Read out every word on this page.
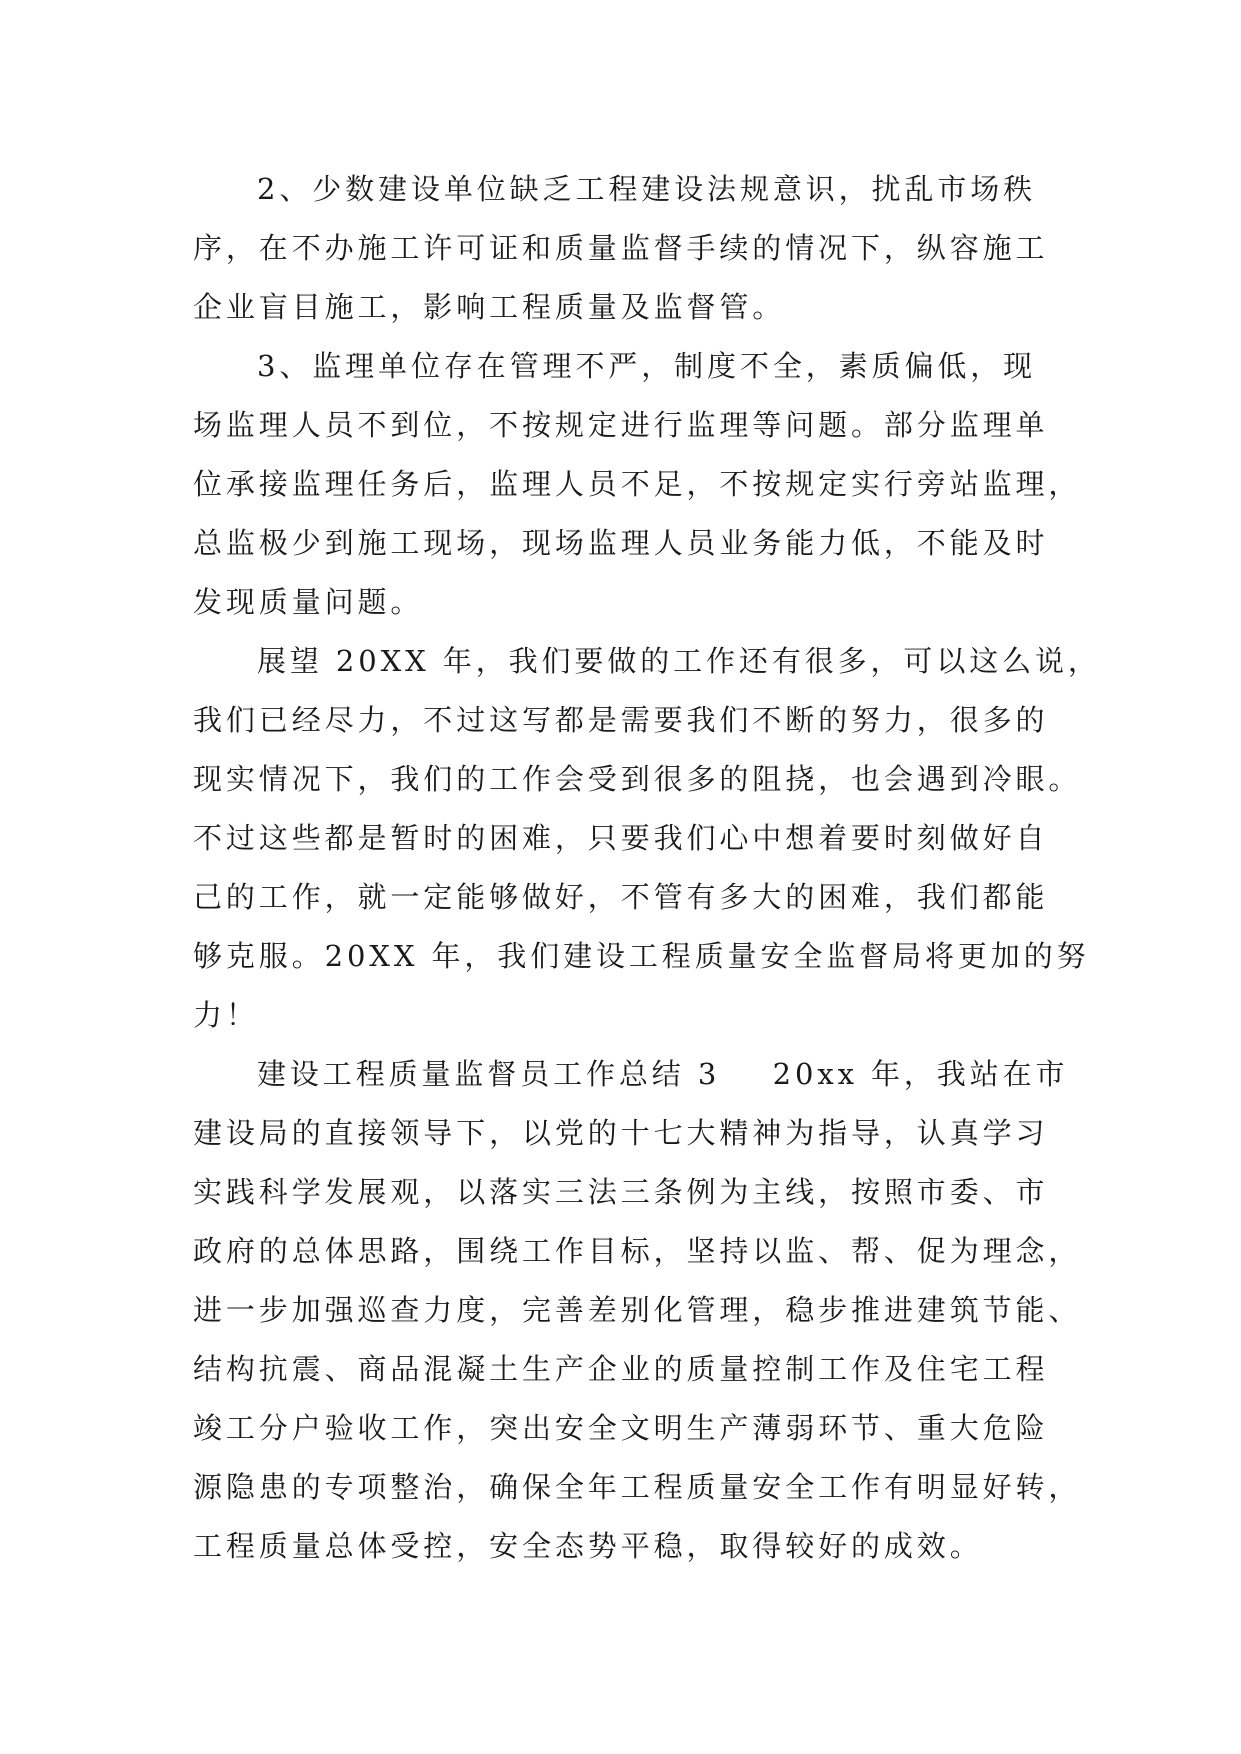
2、少数建设单位缺乏工程建设法规意识，扰乱市场秩
序，在不办施工许可证和质量监督手续的情况下，纵容施工
企业盲目施工，影响工程质量及监督管。
3、监理单位存在管理不严，制度不全，素质偏低，现
场监理人员不到位，不按规定进行监理等问题。部分监理单
位承接监理任务后，监理人员不足，不按规定实行旁站监理，
总监极少到施工现场，现场监理人员业务能力低，不能及时
发现质量问题。
展望 20XX 年，我们要做的工作还有很多，可以这么说，
我们已经尽力，不过这写都是需要我们不断的努力，很多的
现实情况下，我们的工作会受到很多的阻挠，也会遇到冷眼。
不过这些都是暂时的困难，只要我们心中想着要时刻做好自
己的工作，就一定能够做好，不管有多大的困难，我们都能
够克服。20XX 年，我们建设工程质量安全监督局将更加的努
力！
建设工程质量监督员工作总结 3    20xx 年，我站在市
建设局的直接领导下，以党的十七大精神为指导，认真学习
实践科学发展观，以落实三法三条例为主线，按照市委、市
政府的总体思路，围绕工作目标，坚持以监、帮、促为理念，
进一步加强巡查力度，完善差别化管理，稳步推进建筑节能、
结构抗震、商品混凝土生产企业的质量控制工作及住宅工程
竣工分户验收工作，突出安全文明生产薄弱环节、重大危险
源隐患的专项整治，确保全年工程质量安全工作有明显好转，
工程质量总体受控，安全态势平稳，取得较好的成效。
